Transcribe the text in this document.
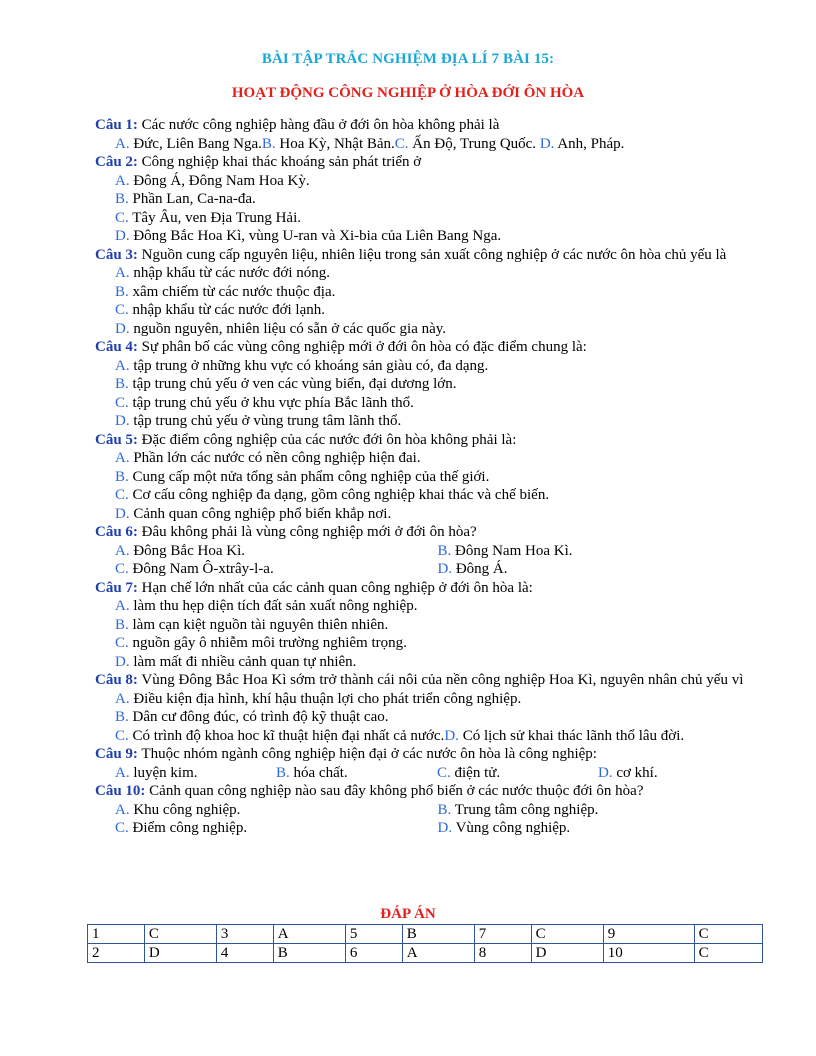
BÀI TẬP TRẮC NGHIỆM ĐỊA LÍ 7 BÀI 15:
HOẠT ĐỘNG CÔNG NGHIỆP Ở HÒA ĐỚI ÔN HÒA

Câu 1: Các nước công nghiệp hàng đầu ở đới ôn hòa không phải là

A. Đức, Liên Bang Nga.B. Hoa Kỳ, Nhật Bản.C. Ấn Độ, Trung Quốc. D. Anh, Pháp.

Câu 2: Công nghiệp khai thác khoáng sản phát triển ở

A. Đông Á, Đông Nam Hoa Kỳ.

B. Phần Lan, Ca-na-đa.

C. Tây Âu, ven Địa Trung Hải.

D. Đông Bắc Hoa Kì, vùng U-ran và Xi-bia của Liên Bang Nga.

Câu 3: Nguồn cung cấp nguyên liệu, nhiên liệu trong sản xuất công nghiệp ở các nước ôn hòa chủ yếu là

A. nhập khẩu từ các nước đới nóng.

B. xâm chiếm từ các nước thuộc địa.

C. nhập khẩu từ các nước đới lạnh.

D. nguồn nguyên, nhiên liệu có sẵn ở các quốc gia này.

Câu 4: Sự phân bố các vùng công nghiệp mới ở đới ôn hòa có đặc điểm chung là:

A. tập trung ở những khu vực có khoáng sản giàu có, đa dạng.

B. tập trung chủ yếu ở ven các vùng biển, đại dương lớn.

C. tập trung chủ yếu ở khu vực phía Bắc lãnh thổ.

D. tập trung chủ yếu ở vùng trung tâm lãnh thổ.

Câu 5: Đặc điểm công nghiệp của các nước đới ôn hòa không phải là:

A. Phần lớn các nước có nền công nghiệp hiện đai.

B. Cung cấp một nửa tổng sản phẩm công nghiệp của thế giới.

C. Cơ cấu công nghiệp đa dạng, gồm công nghiệp khai thác và chế biến.

D. Cảnh quan công nghiệp phổ biến khắp nơi.

Câu 6: Đâu không phải là vùng công nghiệp mới ở đới ôn hòa?

A. Đông Bắc Hoa Kì.	B. Đông Nam Hoa Kì.
C. Đông Nam Ô-xtrây-l-a.	D. Đông Á.

Câu 7: Hạn chế lớn nhất của các cảnh quan công nghiệp ở đới ôn hòa là:

A. làm thu hẹp diện tích đất sản xuất nông nghiệp.

B. làm cạn kiệt nguồn tài nguyên thiên nhiên.

C. nguồn gây ô nhiễm môi trường nghiêm trọng.

D. làm mất đi nhiều cảnh quan tự nhiên.

Câu 8: Vùng Đông Bắc Hoa Kì sớm trở thành cái nôi của nền công nghiệp Hoa Kì, nguyên nhân chủ yếu vì

A. Điều kiện địa hình, khí hậu thuận lợi cho phát triển công nghiệp.

B. Dân cư đông đúc, có trình độ kỹ thuật cao.

C. Có trình độ khoa hoc kĩ thuật hiện đại nhất cả nước.D. Có lịch sử khai thác lãnh thổ lâu đời.

Câu 9: Thuộc nhóm ngành công nghiệp hiện đại ở các nước ôn hòa là công nghiệp:

A. luyện kim.	B. hóa chất.	C. điện tử.	D. cơ khí.

Câu 10: Cảnh quan công nghiệp nào sau đây không phổ biến ở các nước thuộc đới ôn hòa?

A. Khu công nghiệp.	B. Trung tâm công nghiệp.
C. Điểm công nghiệp.	D. Vùng công nghiệp.
ĐÁP ÁN
1	C	3	A	5	B	7	C	9	C
2	D	4	B	6	A	8	D	10	C
